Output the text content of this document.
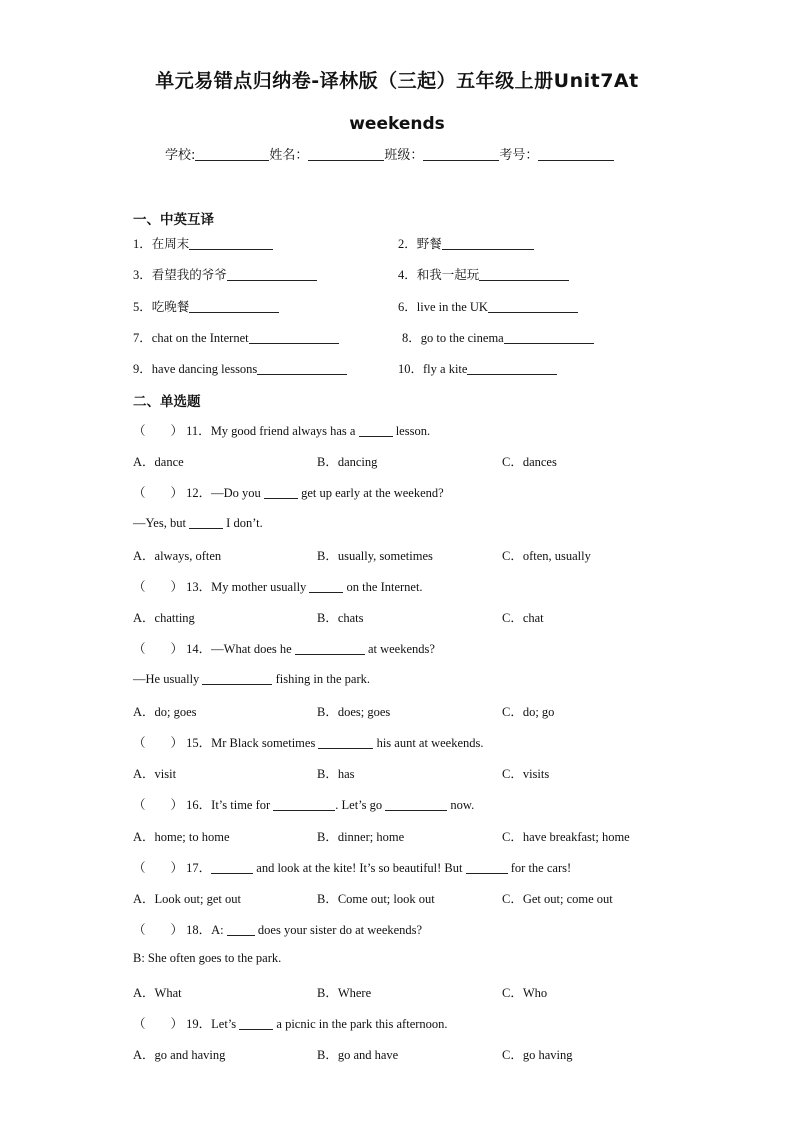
单元易错点归纳卷-译林版（三起）五年级上册Unit7At
weekends
学校:	姓名：	班级：	考号：
一、中英互译
1．在周末	2．野餐
3．看望我的爷爷	4．和我一起玩
5．吃晚餐	6．live in the UK
7．chat on the Internet	8．go to the cinema
9．have dancing lessons	10．fly a kite
二、单选题
（　　） 11．My good friend always has a	lesson.
A．dance	B．dancing	C．dances
（　　） 12．—Do you	get up early at the weekend?
—Yes, but	I don’t.
A．always, often	B．usually, sometimes	C．often, usually
（　　） 13．My mother usually	on the Internet.
A．chatting	B．chats	C．chat
（　　） 14．—What does he	at weekends?
—He usually	fishing in the park.
A．do; goes	B．does; goes	C．do; go
（　　） 15．Mr Black sometimes	his aunt at weekends.
A．visit	B．has	C．visits
（　　） 16．It’s time for	. Let’s go	now.
A．home; to home	B．dinner; home	C．have breakfast; home
（　　） 17．	and look at the kite! It’s so beautiful! But	for the cars!
A．Look out; get out	B．Come out; look out	C．Get out; come out
（　　） 18．A:  does your sister do at weekends?
B: She often goes to the park.
A．What	B．Where	C．Who
（　　） 19．Let’s	a picnic in the park this afternoon.
A．go and having	B．go and have	C．go having
